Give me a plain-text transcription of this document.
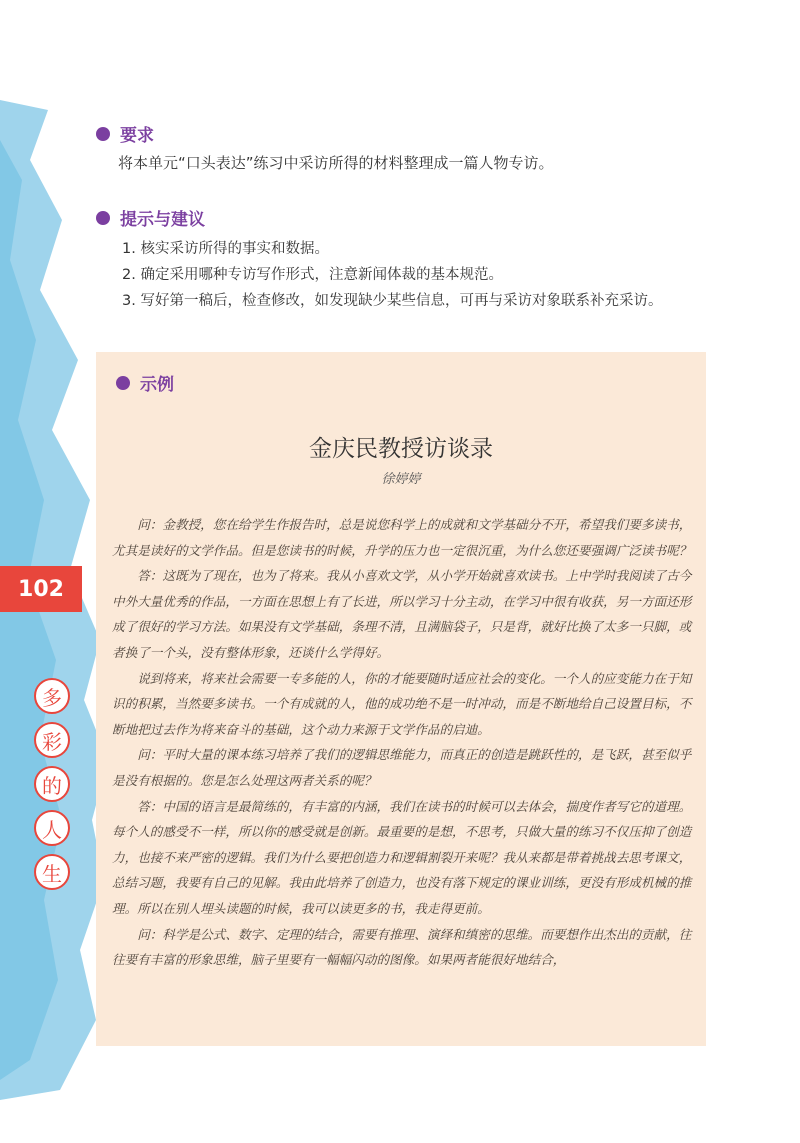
102
多
彩
的
人
生
要求
将本单元“口头表达”练习中采访所得的材料整理成一篇人物专访。
提示与建议
1. 核实采访所得的事实和数据。
2. 确定采用哪种专访写作形式，注意新闻体裁的基本规范。
3. 写好第一稿后，检查修改，如发现缺少某些信息，可再与采访对象联系补充采访。
示例
金庆民教授访谈录
徐婷婷

问：金教授，您在给学生作报告时，总是说您科学上的成就和文学基础分不开，希望我们要多读书，尤其是读好的文学作品。但是您读书的时候，升学的压力也一定很沉重，为什么您还要强调广泛读书呢？

答：这既为了现在，也为了将来。我从小喜欢文学，从小学开始就喜欢读书。上中学时我阅读了古今中外大量优秀的作品，一方面在思想上有了长进，所以学习十分主动，在学习中很有收获，另一方面还形成了很好的学习方法。如果没有文学基础，条理不清，且满脑袋子，只是背，就好比换了太多一只脚，或者换了一个头，没有整体形象，还谈什么学得好。

说到将来，将来社会需要一专多能的人，你的才能要随时适应社会的变化。一个人的应变能力在于知识的积累，当然要多读书。一个有成就的人，他的成功绝不是一时冲动，而是不断地给自己设置目标，不断地把过去作为将来奋斗的基础，这个动力来源于文学作品的启迪。

问：平时大量的课本练习培养了我们的逻辑思维能力，而真正的创造是跳跃性的，是飞跃，甚至似乎是没有根据的。您是怎么处理这两者关系的呢？

答：中国的语言是最简练的，有丰富的内涵，我们在读书的时候可以去体会，揣度作者写它的道理。每个人的感受不一样，所以你的感受就是创新。最重要的是想，不思考，只做大量的练习不仅压抑了创造力，也接不来严密的逻辑。我们为什么要把创造力和逻辑割裂开来呢？我从来都是带着挑战去思考课文，总结习题，我要有自己的见解。我由此培养了创造力，也没有落下规定的课业训练，更没有形成机械的推理。所以在别人埋头读题的时候，我可以读更多的书，我走得更前。

问：科学是公式、数字、定理的结合，需要有推理、演绎和缜密的思维。而要想作出杰出的贡献，往往要有丰富的形象思维，脑子里要有一幅幅闪动的图像。如果两者能很好地结合，
